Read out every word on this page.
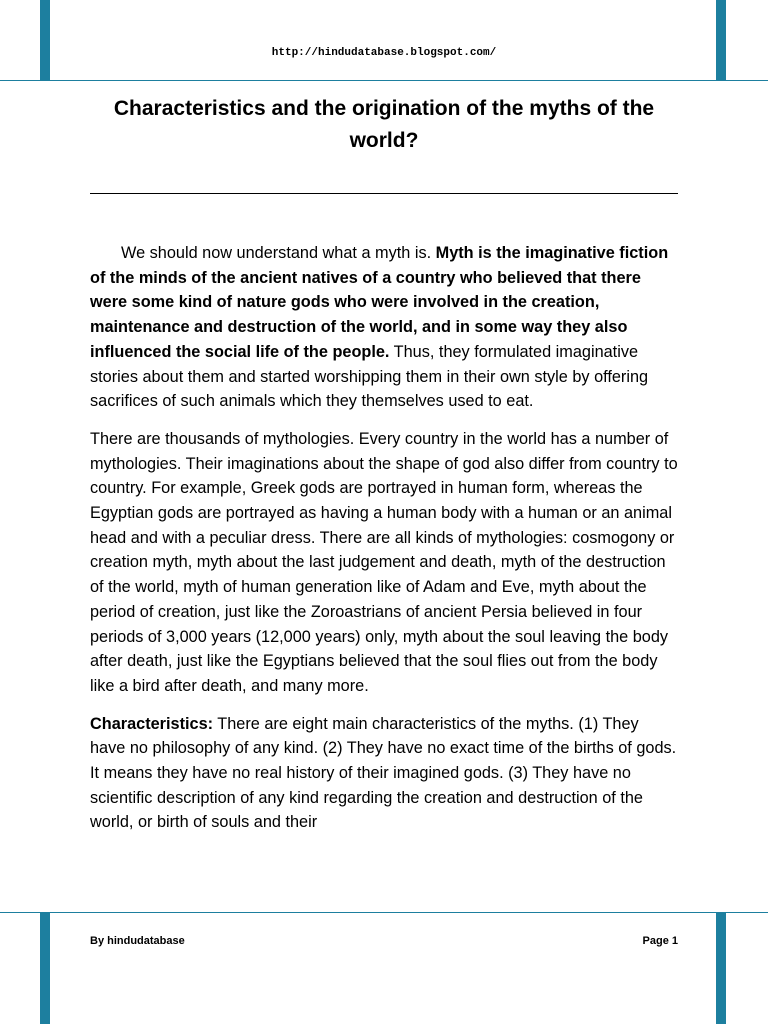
http://hindudatabase.blogspot.com/
Characteristics and the origination of the myths of the world?

We should now understand what a myth is. Myth is the imaginative fiction of the minds of the ancient natives of a country who believed that there were some kind of nature gods who were involved in the creation, maintenance and destruction of the world, and in some way they also influenced the social life of the people. Thus, they formulated imaginative stories about them and started worshipping them in their own style by offering sacrifices of such animals which they themselves used to eat.

There are thousands of mythologies. Every country in the world has a number of mythologies. Their imaginations about the shape of god also differ from country to country. For example, Greek gods are portrayed in human form, whereas the Egyptian gods are portrayed as having a human body with a human or an animal head and with a peculiar dress. There are all kinds of mythologies: cosmogony or creation myth, myth about the last judgement and death, myth of the destruction of the world, myth of human generation like of Adam and Eve, myth about the period of creation, just like the Zoroastrians of ancient Persia believed in four periods of 3,000 years (12,000 years) only, myth about the soul leaving the body after death, just like the Egyptians believed that the soul flies out from the body like a bird after death, and many more.

Characteristics: There are eight main characteristics of the myths. (1) They have no philosophy of any kind. (2) They have no exact time of the births of gods. It means they have no real history of their imagined gods. (3) They have no scientific description of any kind regarding the creation and destruction of the world, or birth of souls and their

By hindudatabase	Page 1
